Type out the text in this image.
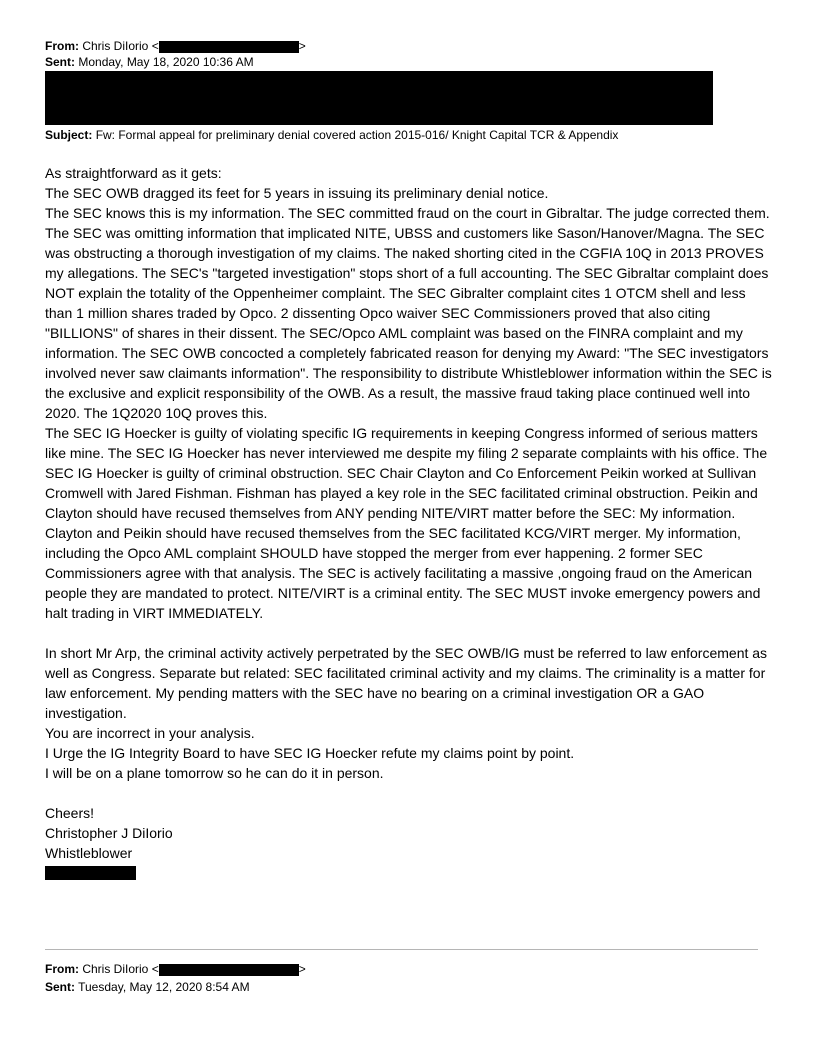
From: Chris DiIorio <	>
Sent: Monday, May 18, 2020 10:36 AM
Subject: Fw: Formal appeal for preliminary denial covered action 2015-016/ Knight Capital TCR & Appendix

As straightforward as it gets:

The SEC OWB dragged its feet for 5 years in issuing its preliminary denial notice.

The SEC knows this is my information. The SEC committed fraud on the court in Gibraltar. The judge corrected them. The SEC was omitting information that implicated NITE, UBSS and customers like Sason/Hanover/Magna. The SEC was obstructing a thorough investigation of my claims. The naked shorting cited in the CGFIA 10Q in 2013 PROVES my allegations. The SEC's "targeted investigation" stops short of a full accounting. The SEC Gibraltar complaint does NOT explain the totality of the Oppenheimer complaint. The SEC Gibralter complaint cites 1 OTCM shell and less than 1 million shares traded by Opco. 2 dissenting Opco waiver SEC Commissioners proved that also citing "BILLIONS" of shares in their dissent. The SEC/Opco AML complaint was based on the FINRA complaint and my information. The SEC OWB concocted a completely fabricated reason for denying my Award: "The SEC investigators involved never saw claimants information". The responsibility to distribute Whistleblower information within the SEC is the exclusive and explicit responsibility of the OWB. As a result, the massive fraud taking place continued well into 2020. The 1Q2020 10Q proves this.

The SEC IG Hoecker is guilty of violating specific IG requirements in keeping Congress informed of serious matters like mine. The SEC IG Hoecker has never interviewed me despite my filing 2 separate complaints with his office. The SEC IG Hoecker is guilty of criminal obstruction. SEC Chair Clayton and Co Enforcement Peikin worked at Sullivan Cromwell with Jared Fishman. Fishman has played a key role in the SEC facilitated criminal obstruction. Peikin and Clayton should have recused themselves from ANY pending NITE/VIRT matter before the SEC: My information. Clayton and Peikin should have recused themselves from the SEC facilitated KCG/VIRT merger. My information, including the Opco AML complaint SHOULD have stopped the merger from ever happening. 2 former SEC Commissioners agree with that analysis. The SEC is actively facilitating a massive ,ongoing fraud on the American people they are mandated to protect. NITE/VIRT is a criminal entity. The SEC MUST invoke emergency powers and halt trading in VIRT IMMEDIATELY.

In short Mr Arp, the criminal activity actively perpetrated by the SEC OWB/IG must be referred to law enforcement as well as Congress. Separate but related: SEC facilitated criminal activity and my claims. The criminality is a matter for law enforcement. My pending matters with the SEC have no bearing on a criminal investigation OR a GAO investigation.

You are incorrect in your analysis.

I Urge the IG Integrity Board to have SEC IG Hoecker refute my claims point by point.

I will be on a plane tomorrow so he can do it in person.

Cheers!

Christopher J DiIorio

Whistleblower

From: Chris DiIorio <	>
Sent: Tuesday, May 12, 2020 8:54 AM
